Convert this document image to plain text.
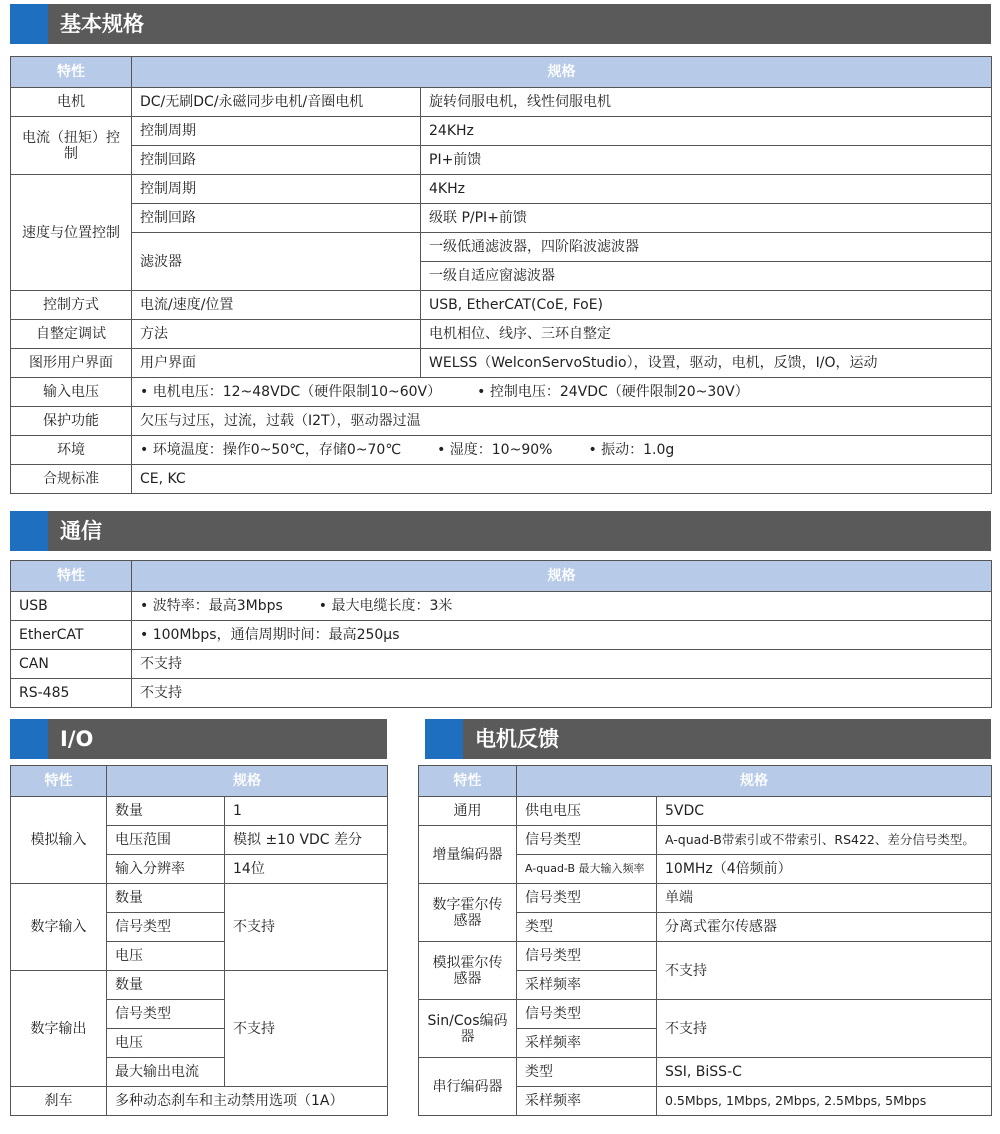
基本规格
特性	规格	
电机	DC/无刷DC/永磁同步电机/音圈电机	旋转伺服电机，线性伺服电机
电流（扭矩）控制	控制周期	24KHz
	控制回路	PI+前馈
速度与位置控制	控制周期	4KHz
	控制回路	级联 P/PI+前馈
	滤波器	一级低通滤波器，四阶陷波滤波器
		一级自适应窗滤波器
控制方式	电流/速度/位置	USB, EtherCAT(CoE, FoE)
自整定调试	方法	电机相位、线序、三环自整定
图形用户界面	用户界面	WELSS（WelconServoStudio），设置，驱动，电机，反馈，I/O，运动
输入电压	• 电机电压：12~48VDC（硬件限制10~60V） • 控制电压：24VDC（硬件限制20~30V）	
保护功能	欠压与过压，过流，过载（I2T），驱动器过温	
环境	• 环境温度：操作0~50℃，存储0~70℃ • 湿度：10~90% • 振动：1.0g	
合规标准	CE, KC	
通信
特性	规格
USB	• 波特率：最高3Mbps • 最大电缆长度：3米
EtherCAT	• 100Mbps，通信周期时间：最高250μs
CAN	不支持
RS-485	不支持
I/O
特性	规格	
模拟输入	数量	1
	电压范围	模拟 ±10 VDC 差分
	输入分辨率	14位
数字输入	数量	不支持
	信号类型	
	电压	
数字输出	数量	不支持
	信号类型	
	电压	
	最大输出电流	
刹车	多种动态刹车和主动禁用选项（1A）	
电机反馈
特性	规格	
通用	供电电压	5VDC
增量编码器	信号类型	A-quad-B带索引或不带索引、RS422、差分信号类型。
	A-quad-B 最大输入频率	10MHz（4倍频前）
数字霍尔传感器	信号类型	单端
	类型	分离式霍尔传感器
模拟霍尔传感器	信号类型	不支持
	采样频率	
Sin/Cos编码器	信号类型	不支持
	采样频率	
串行编码器	类型	SSI, BiSS-C
	采样频率	0.5Mbps, 1Mbps, 2Mbps, 2.5Mbps, 5Mbps
